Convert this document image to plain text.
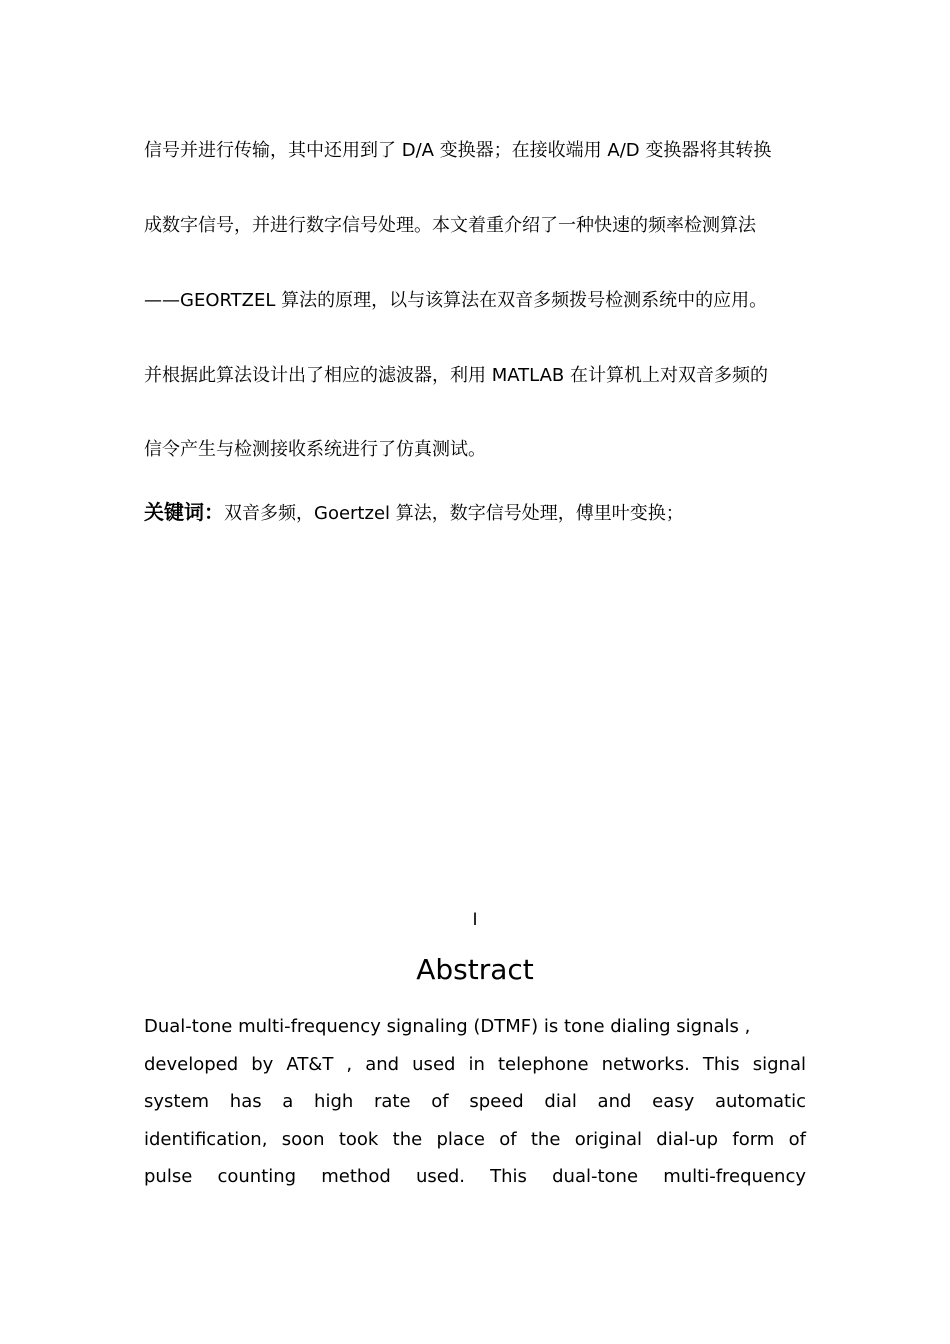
信号并进行传输，其中还用到了 D/A 变换器；在接收端用 A/D 变换器将其转换

成数字信号，并进行数字信号处理。本文着重介绍了一种快速的频率检测算法

——GEORTZEL 算法的原理，以与该算法在双音多频拨号检测系统中的应用。

并根据此算法设计出了相应的滤波器，利用 MATLAB 在计算机上对双音多频的

信令产生与检测接收系统进行了仿真测试。

关键词：双音多频，Goertzel 算法，数字信号处理，傅里叶变换；

I

Abstract
Dual-tone multi-frequency signaling (DTMF) is tone dialing signals ,
developed by AT&T , and used in telephone networks. This signal
system has a high rate of speed dial and easy automatic
identification, soon took the place of the original dial-up form of
pulse counting method used. This dual-tone multi-frequency
